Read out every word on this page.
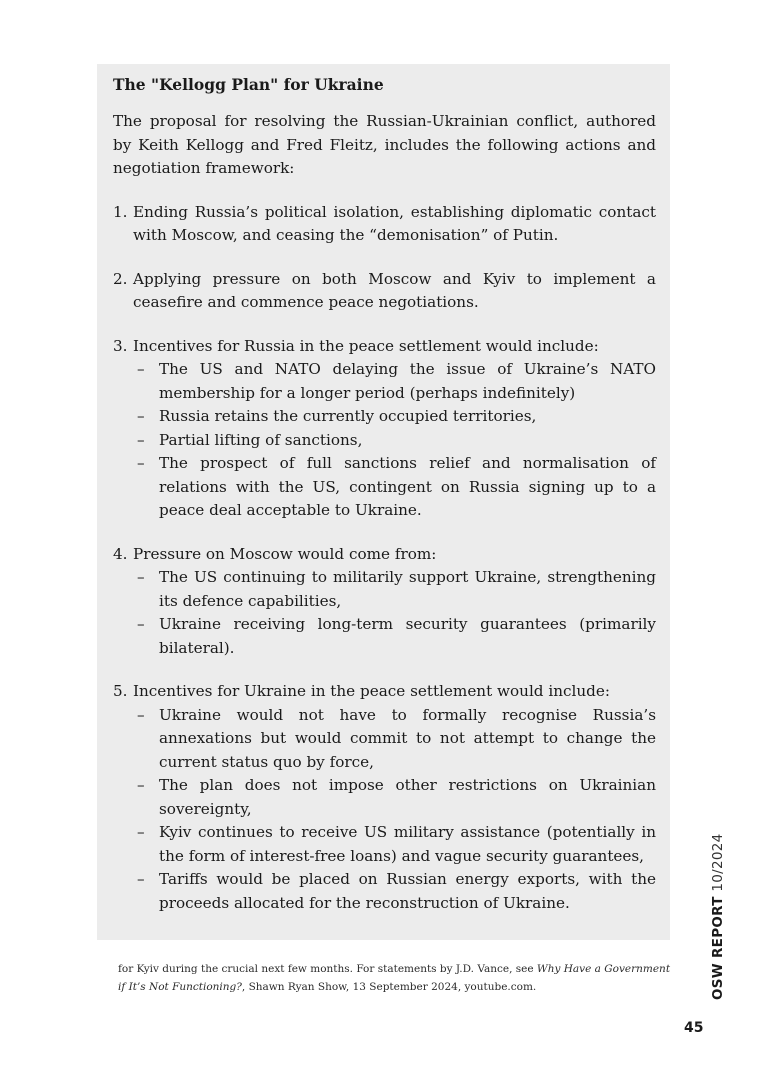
The "Kellogg Plan" for Ukraine

The proposal for resolving the Russian-Ukrainian conflict, authored by Keith Kellogg and Fred Fleitz, includes the following actions and negotiation framework:

1. Ending Russia’s political isolation, establishing diplomatic contact with Moscow, and ceasing the “demonisation” of Putin.
2. Applying pressure on both Moscow and Kyiv to implement a ceasefire and commence peace negotiations.
3. Incentives for Russia in the peace settlement would include:
– The US and NATO delaying the issue of Ukraine’s NATO membership for a longer period (perhaps indefinitely)
– Russia retains the currently occupied territories,
– Partial lifting of sanctions,
– The prospect of full sanctions relief and normalisation of relations with the US, contingent on Russia signing up to a peace deal acceptable to Ukraine.
4. Pressure on Moscow would come from:
– The US continuing to militarily support Ukraine, strengthening its defence capabilities,
– Ukraine receiving long-term security guarantees (primarily bilateral).
5. Incentives for Ukraine in the peace settlement would include:
– Ukraine would not have to formally recognise Russia’s annexations but would commit to not attempt to change the current status quo by force,
– The plan does not impose other restrictions on Ukrainian sovereignty,
– Kyiv continues to receive US military assistance (potentially in the form of interest-free loans) and vague security guarantees,
– Tariffs would be placed on Russian energy exports, with the proceeds allocated for the reconstruction of Ukraine.
for Kyiv during the crucial next few months. For statements by J.D. Vance, see Why Have a Government if It’s Not Functioning?, Shawn Ryan Show, 13 September 2024, youtube.com.	OSW REPORT 10/2024
45
